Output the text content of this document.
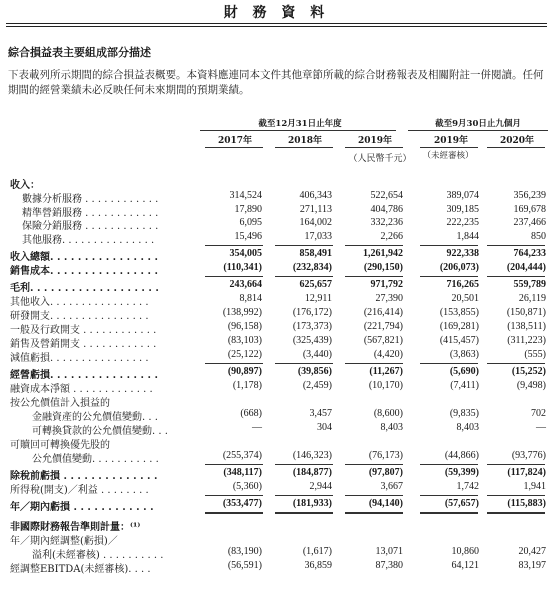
財 務 資 料
綜合損益表主要組成部分描述
下表載列所示期間的綜合損益表概要。本資料應連同本文件其他章節所載的綜合財務報表及相關附註一併閱讀。任何期間的經營業績未必反映任何未來期間的預期業績。
截至12月31日止年度	截至9月30日止九個月
2017年	2018年	2019年	2019年	2020年
（人民幣千元）	（未經審核）
收入：
數據分析服務 . . . . . . . . . . . .	314,524	406,343	522,654	389,074	356,239
精準營銷服務 . . . . . . . . . . . .	17,890	271,113	404,786	309,185	169,678
保險分銷服務 . . . . . . . . . . . .	6,095	164,002	332,236	222,235	237,466
其他服務. . . . . . . . . . . . . . .	15,496	17,033	2,266	1,844	850
收入總額. . . . . . . . . . . . . . . .	354,005	858,491	1,261,942	922,338	764,233
銷售成本. . . . . . . . . . . . . . . .	(110,341)	(232,834)	(290,150)	(206,073)	(204,444)
毛利. . . . . . . . . . . . . . . . . . .	243,664	625,657	971,792	716,265	559,789
其他收入. . . . . . . . . . . . . . . .	8,814	12,911	27,390	20,501	26,119
研發開支. . . . . . . . . . . . . . . .	(138,992)	(176,172)	(216,414)	(153,855)	(150,871)
一般及行政開支 . . . . . . . . . . . .	(96,158)	(173,373)	(221,794)	(169,281)	(138,511)
銷售及營銷開支 . . . . . . . . . . . .	(83,103)	(325,439)	(567,821)	(415,457)	(311,223)
減值虧損. . . . . . . . . . . . . . . .	(25,122)	(3,440)	(4,420)	(3,863)	(555)
經營虧損. . . . . . . . . . . . . . . .	(90,897)	(39,856)	(11,267)	(5,690)	(15,252)
融資成本淨額 . . . . . . . . . . . . .	(1,178)	(2,459)	(10,170)	(7,411)	(9,498)
按公允價值計入損益的
金融資產的公允價值變動. . .	(668)	3,457	(8,600)	(9,835)	702
可轉換貸款的公允價值變動. . .	—	304	8,403	8,403	—
可贖回可轉換優先股的
公允價值變動. . . . . . . . . . .	(255,374)	(146,323)	(76,173)	(44,866)	(93,776)
除稅前虧損 . . . . . . . . . . . . . .	(348,117)	(184,877)	(97,807)	(59,399)	(117,824)
所得稅(開支)／利益 . . . . . . . .	(5,360)	2,944	3,667	1,742	1,941
年／期內虧損 . . . . . . . . . . . .	(353,477)	(181,933)	(94,140)	(57,657)	(115,883)
非國際財務報告準則計量：⁽¹⁾
年／期內經調整(虧損)／
溢利(未經審核) . . . . . . . . . .	(83,190)	(1,617)	13,071	10,860	20,427
經調整EBITDA(未經審核). . . .	(56,591)	36,859	87,380	64,121	83,197
